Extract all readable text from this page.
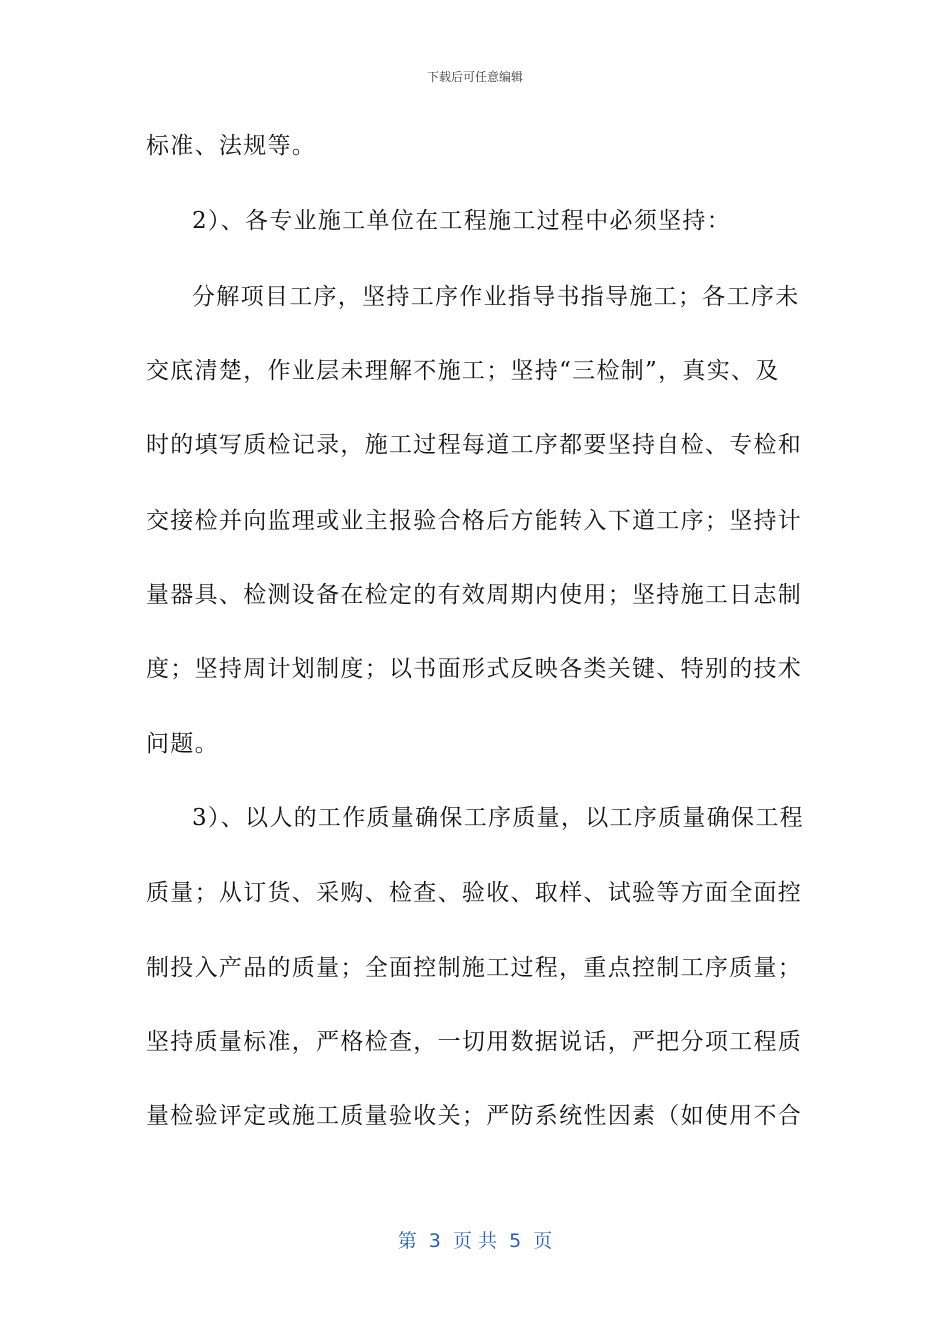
下载后可任意编辑
标准、法规等。
2）、各专业施工单位在工程施工过程中必须坚持：
分解项目工序，坚持工序作业指导书指导施工；各工序未
交底清楚，作业层未理解不施工；坚持“三检制”，真实、及
时的填写质检记录，施工过程每道工序都要坚持自检、专检和
交接检并向监理或业主报验合格后方能转入下道工序；坚持计
量器具、检测设备在检定的有效周期内使用；坚持施工日志制
度；坚持周计划制度；以书面形式反映各类关键、特别的技术
问题。
3）、以人的工作质量确保工序质量，以工序质量确保工程
质量；从订货、采购、检查、验收、取样、试验等方面全面控
制投入产品的质量；全面控制施工过程，重点控制工序质量；
坚持质量标准，严格检查，一切用数据说话，严把分项工程质
量检验评定或施工质量验收关；严防系统性因素（如使用不合
第  3  页 共  5  页
